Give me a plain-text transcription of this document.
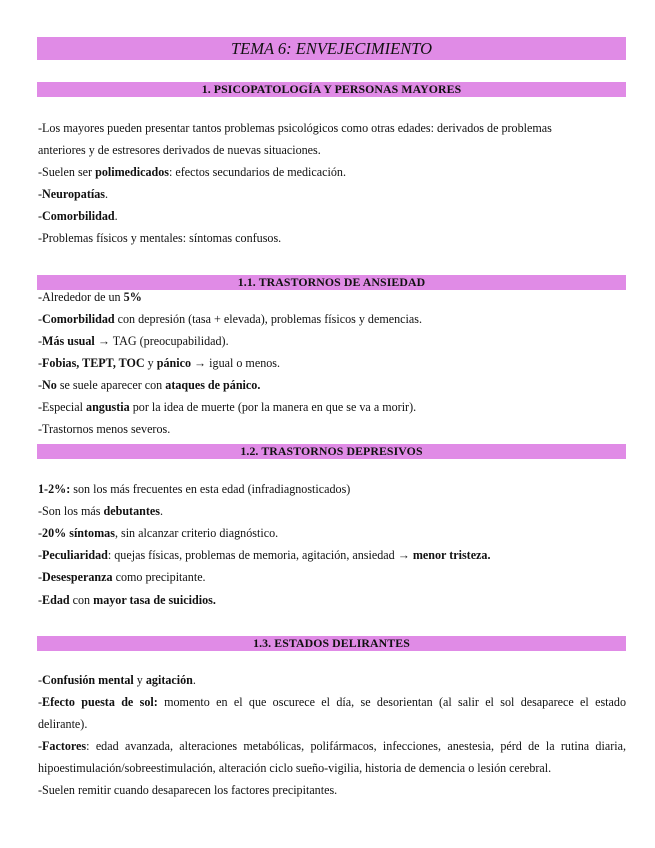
TEMA 6: ENVEJECIMIENTO
1. PSICOPATOLOGÍA Y PERSONAS MAYORES
-Los mayores pueden presentar tantos problemas psicológicos como otras edades: derivados de problemas
anteriores y de estresores derivados de nuevas situaciones.
-Suelen ser polimedicados: efectos secundarios de medicación.
-Neuropatías.
-Comorbilidad.
-Problemas físicos y mentales: síntomas confusos.
1.1. TRASTORNOS DE ANSIEDAD
-Alrededor de un 5%
-Comorbilidad con depresión (tasa + elevada), problemas físicos y demencias.
-Más usual → TAG (preocupabilidad).
-Fobias, TEPT, TOC y pánico → igual o menos.
-No se suele aparecer con ataques de pánico.
-Especial angustia por la idea de muerte (por la manera en que se va a morir).
-Trastornos menos severos.
1.2. TRASTORNOS DEPRESIVOS
1-2%: son los más frecuentes en esta edad (infradiagnosticados)
-Son los más debutantes.
-20% síntomas, sin alcanzar criterio diagnóstico.
-Peculiaridad: quejas físicas, problemas de memoria, agitación, ansiedad → menor tristeza.
-Desesperanza como precipitante.
-Edad con mayor tasa de suicidios.
1.3. ESTADOS DELIRANTES
-Confusión mental y agitación.
-Efecto puesta de sol: momento en el que oscurece el día, se desorientan (al salir el sol desaparece el estado
delirante).
-Factores: edad avanzada, alteraciones metabólicas, polifármacos, infecciones, anestesia, pérd de la rutina diaria,
hipoestimulación/sobreestimulación, alteración ciclo sueño-vigilia, historia de demencia o lesión cerebral.
-Suelen remitir cuando desaparecen los factores precipitantes.
